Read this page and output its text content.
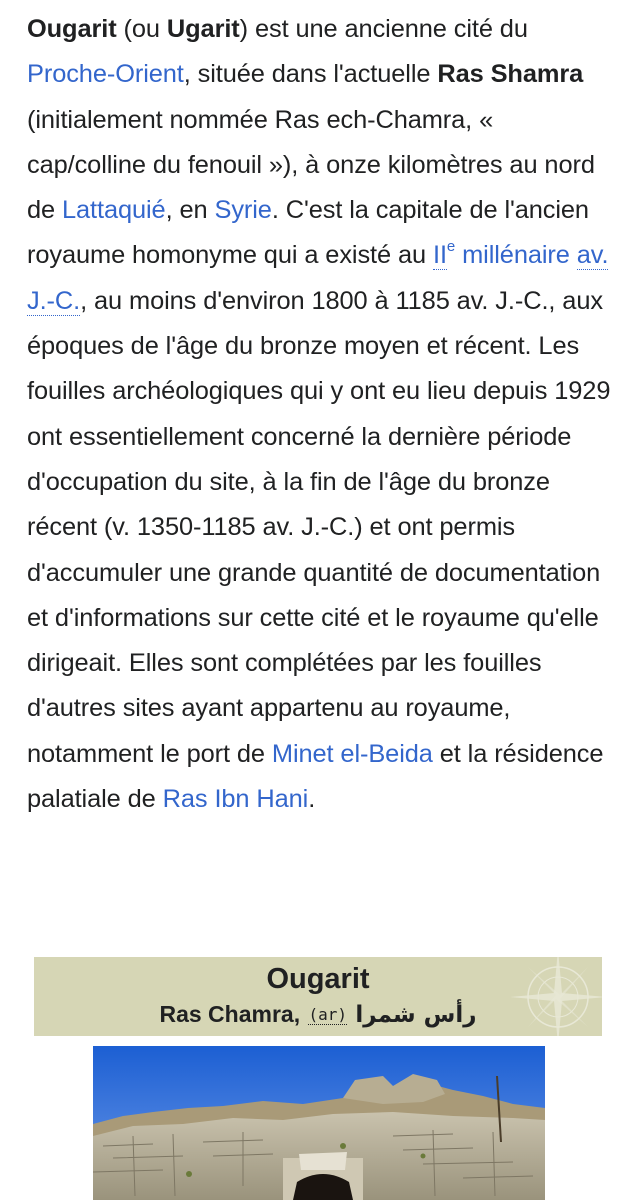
Ougarit (ou Ugarit) est une ancienne cité du Proche-Orient, située dans l'actuelle Ras Shamra (initialement nommée Ras ech-Chamra, « cap/colline du fenouil »), à onze kilomètres au nord de Lattaquié, en Syrie. C'est la capitale de l'ancien royaume homonyme qui a existé au IIe millénaire av. J.-C., au moins d'environ 1800 à 1185 av. J.-C., aux époques de l'âge du bronze moyen et récent. Les fouilles archéologiques qui y ont eu lieu depuis 1929 ont essentiellement concerné la dernière période d'occupation du site, à la fin de l'âge du bronze récent (v. 1350-1185 av. J.-C.) et ont permis d'accumuler une grande quantité de documentation et d'informations sur cette cité et le royaume qu'elle dirigeait. Elles sont complétées par les fouilles d'autres sites ayant appartenu au royaume, notamment le port de Minet el-Beida et la résidence palatiale de Ras Ibn Hani.
Ougarit
Ras Chamra, (ar) رأس شمرا
